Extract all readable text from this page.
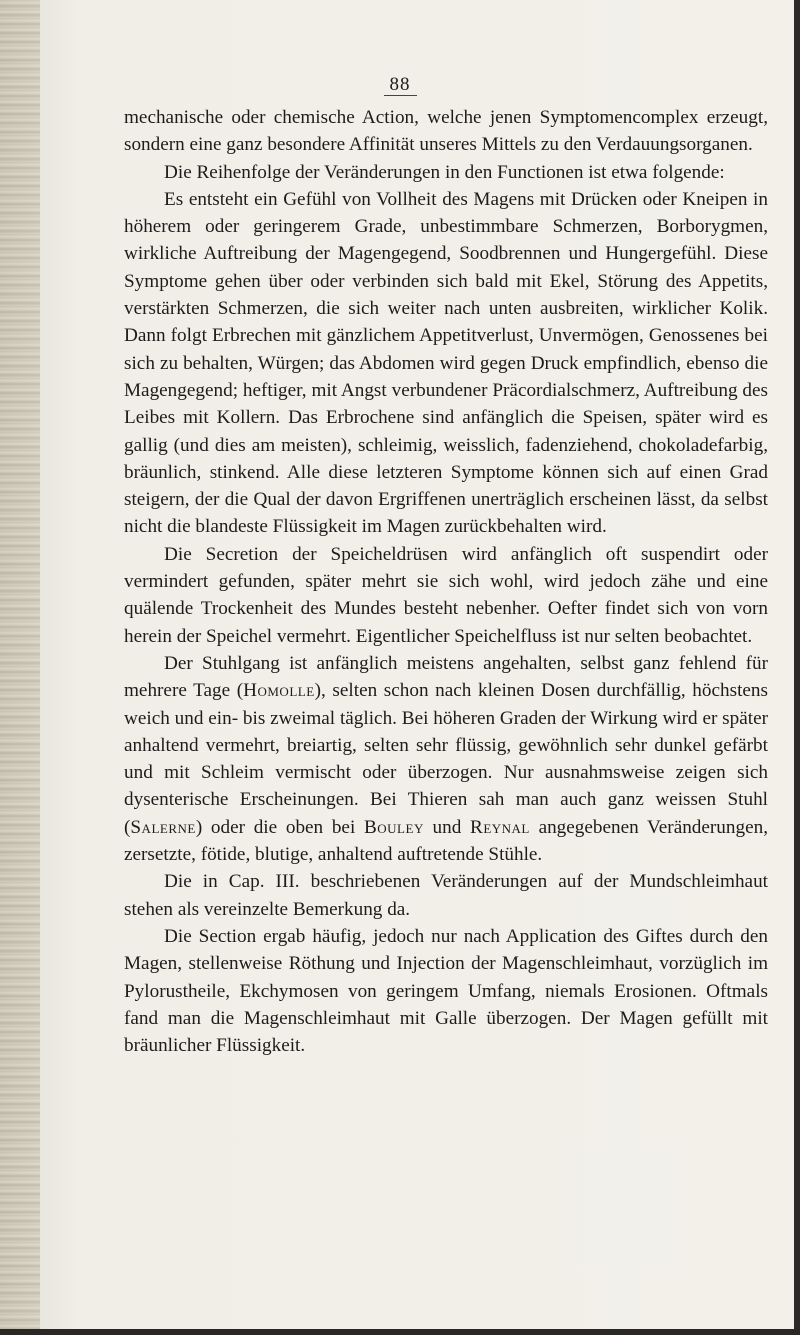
88

mechanische oder chemische Action, welche jenen Symptomencomplex erzeugt, sondern eine ganz besondere Affinität unseres Mittels zu den Verdauungsorganen.

Die Reihenfolge der Veränderungen in den Functionen ist etwa folgende:

Es entsteht ein Gefühl von Vollheit des Magens mit Drücken oder Kneipen in höherem oder geringerem Grade, unbestimmbare Schmerzen, Borborygmen, wirkliche Auftreibung der Magengegend, Soodbrennen und Hungergefühl. Diese Symptome gehen über oder verbinden sich bald mit Ekel, Störung des Appetits, verstärkten Schmerzen, die sich weiter nach unten ausbreiten, wirklicher Kolik. Dann folgt Erbrechen mit gänzlichem Appetitverlust, Unvermögen, Genossenes bei sich zu behalten, Würgen; das Abdomen wird gegen Druck empfindlich, ebenso die Magengegend; heftiger, mit Angst verbundener Präcordialschmerz, Auftreibung des Leibes mit Kollern. Das Erbrochene sind anfänglich die Speisen, später wird es gallig (und dies am meisten), schleimig, weisslich, fadenziehend, chokoladefarbig, bräunlich, stinkend. Alle diese letzteren Symptome können sich auf einen Grad steigern, der die Qual der davon Ergriffenen unerträglich erscheinen lässt, da selbst nicht die blandeste Flüssigkeit im Magen zurückbehalten wird.

Die Secretion der Speicheldrüsen wird anfänglich oft suspendirt oder vermindert gefunden, später mehrt sie sich wohl, wird jedoch zähe und eine quälende Trockenheit des Mundes besteht nebenher. Oefter findet sich von vorn herein der Speichel vermehrt. Eigentlicher Speichelfluss ist nur selten beobachtet.

Der Stuhlgang ist anfänglich meistens angehalten, selbst ganz fehlend für mehrere Tage (Homolle), selten schon nach kleinen Dosen durchfällig, höchstens weich und ein- bis zweimal täglich. Bei höheren Graden der Wirkung wird er später anhaltend vermehrt, breiartig, selten sehr flüssig, gewöhnlich sehr dunkel gefärbt und mit Schleim vermischt oder überzogen. Nur ausnahmsweise zeigen sich dysenterische Erscheinungen. Bei Thieren sah man auch ganz weissen Stuhl (Salerne) oder die oben bei Bouley und Reynal angegebenen Veränderungen, zersetzte, fötide, blutige, anhaltend auftretende Stühle.

Die in Cap. III. beschriebenen Veränderungen auf der Mundschleimhaut stehen als vereinzelte Bemerkung da.

Die Section ergab häufig, jedoch nur nach Application des Giftes durch den Magen, stellenweise Röthung und Injection der Magenschleimhaut, vorzüglich im Pylorustheile, Ekchymosen von geringem Umfang, niemals Erosionen. Oftmals fand man die Magenschleimhaut mit Galle überzogen. Der Magen gefüllt mit bräunlicher Flüssigkeit.
